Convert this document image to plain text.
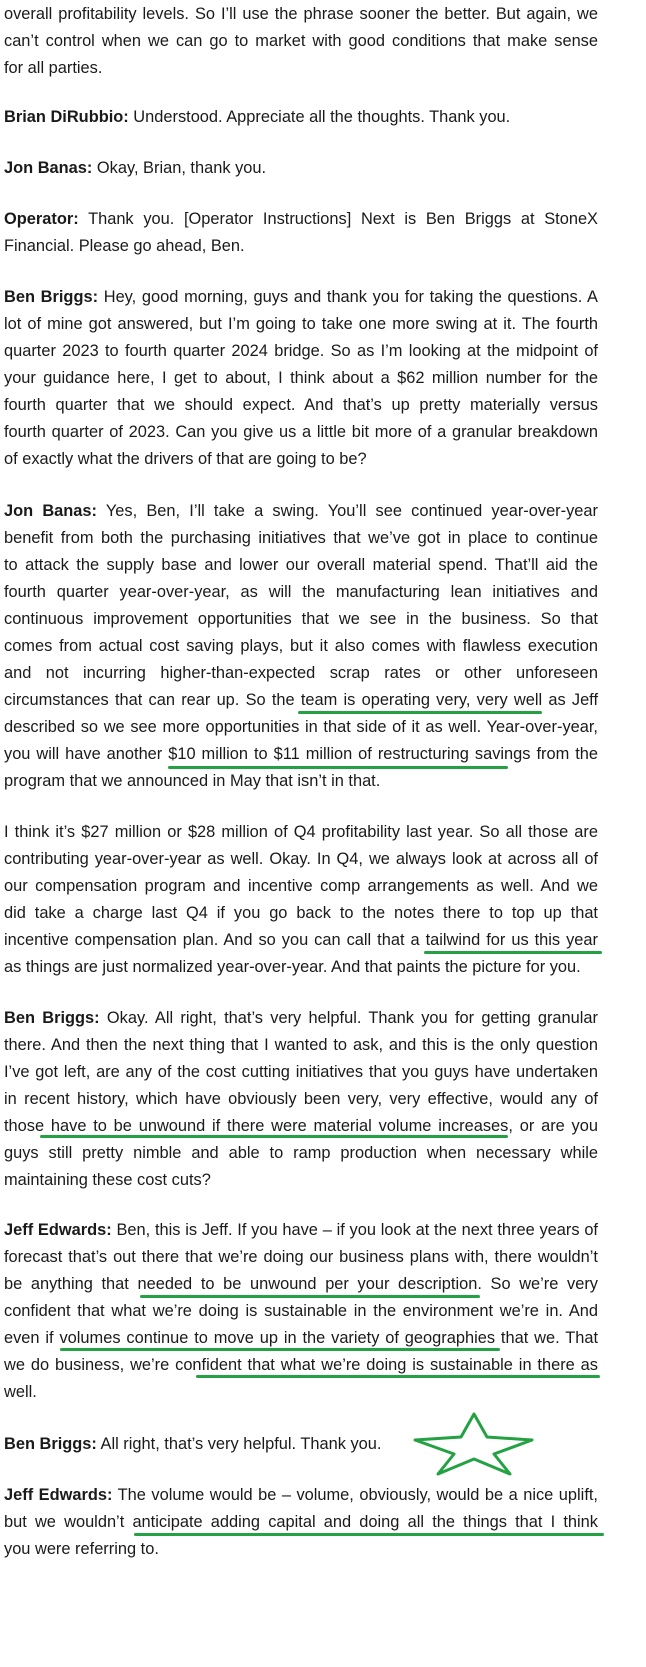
overall profitability levels. So I’ll use the phrase sooner the better. But again, we
can’t control when we can go to market with good conditions that make sense
for all parties.
Brian DiRubbio: Understood. Appreciate all the thoughts. Thank you.
Jon Banas: Okay, Brian, thank you.
Operator: Thank you. [Operator Instructions] Next is Ben Briggs at StoneX
Financial. Please go ahead, Ben.
Ben Briggs: Hey, good morning, guys and thank you for taking the questions. A
lot of mine got answered, but I’m going to take one more swing at it. The fourth
quarter 2023 to fourth quarter 2024 bridge. So as I’m looking at the midpoint of
your guidance here, I get to about, I think about a $62 million number for the
fourth quarter that we should expect. And that’s up pretty materially versus
fourth quarter of 2023. Can you give us a little bit more of a granular breakdown
of exactly what the drivers of that are going to be?
Jon Banas: Yes, Ben, I’ll take a swing. You’ll see continued year-over-year
benefit from both the purchasing initiatives that we’ve got in place to continue
to attack the supply base and lower our overall material spend. That’ll aid the
fourth quarter year-over-year, as will the manufacturing lean initiatives and
continuous improvement opportunities that we see in the business. So that
comes from actual cost saving plays, but it also comes with flawless execution
and not incurring higher-than-expected scrap rates or other unforeseen
circumstances that can rear up. So the team is operating very, very well as Jeff
described so we see more opportunities in that side of it as well. Year-over-year,
you will have another $10 million to $11 million of restructuring savings from the
program that we announced in May that isn’t in that.
I think it’s $27 million or $28 million of Q4 profitability last year. So all those are
contributing year-over-year as well. Okay. In Q4, we always look at across all of
our compensation program and incentive comp arrangements as well. And we
did take a charge last Q4 if you go back to the notes there to top up that
incentive compensation plan. And so you can call that a tailwind for us this year
as things are just normalized year-over-year. And that paints the picture for you.
Ben Briggs: Okay. All right, that’s very helpful. Thank you for getting granular
there. And then the next thing that I wanted to ask, and this is the only question
I’ve got left, are any of the cost cutting initiatives that you guys have undertaken
in recent history, which have obviously been very, very effective, would any of
those have to be unwound if there were material volume increases, or are you
guys still pretty nimble and able to ramp production when necessary while
maintaining these cost cuts?
Jeff Edwards: Ben, this is Jeff. If you have – if you look at the next three years of
forecast that’s out there that we’re doing our business plans with, there wouldn’t
be anything that needed to be unwound per your description. So we’re very
confident that what we’re doing is sustainable in the environment we’re in. And
even if volumes continue to move up in the variety of geographies that we. That
we do business, we’re confident that what we’re doing is sustainable in there as
well.
Ben Briggs: All right, that’s very helpful. Thank you.
Jeff Edwards: The volume would be – volume, obviously, would be a nice uplift,
but we wouldn’t anticipate adding capital and doing all the things that I think
you were referring to.
